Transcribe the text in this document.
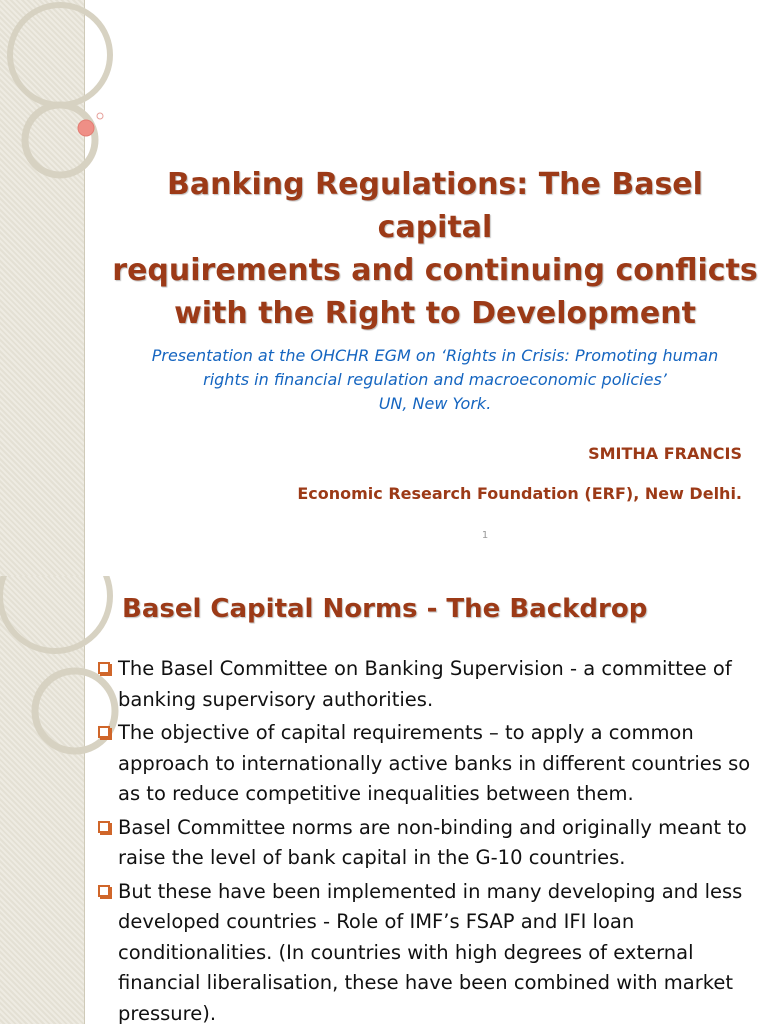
Banking Regulations: The Basel capital
requirements and continuing conflicts
with the Right to Development

Presentation at the OHCHR EGM on ‘Rights in Crisis: Promoting human
rights in financial regulation and macroeconomic policies’
UN, New York.

SMITHA FRANCIS
Economic Research Foundation (ERF), New Delhi.
1
Basel Capital Norms - The Backdrop
The Basel Committee on Banking Supervision - a committee of banking supervisory authorities.
The objective of capital requirements – to apply a common approach to internationally active banks in different countries so as to reduce competitive inequalities between them.
Basel Committee norms are non-binding and originally meant to raise the level of bank capital in the G-10 countries.
But these have been implemented in many developing and less developed countries - Role of IMF’s FSAP and IFI loan conditionalities. (In countries with high degrees of external financial liberalisation, these have been combined with market pressure).
